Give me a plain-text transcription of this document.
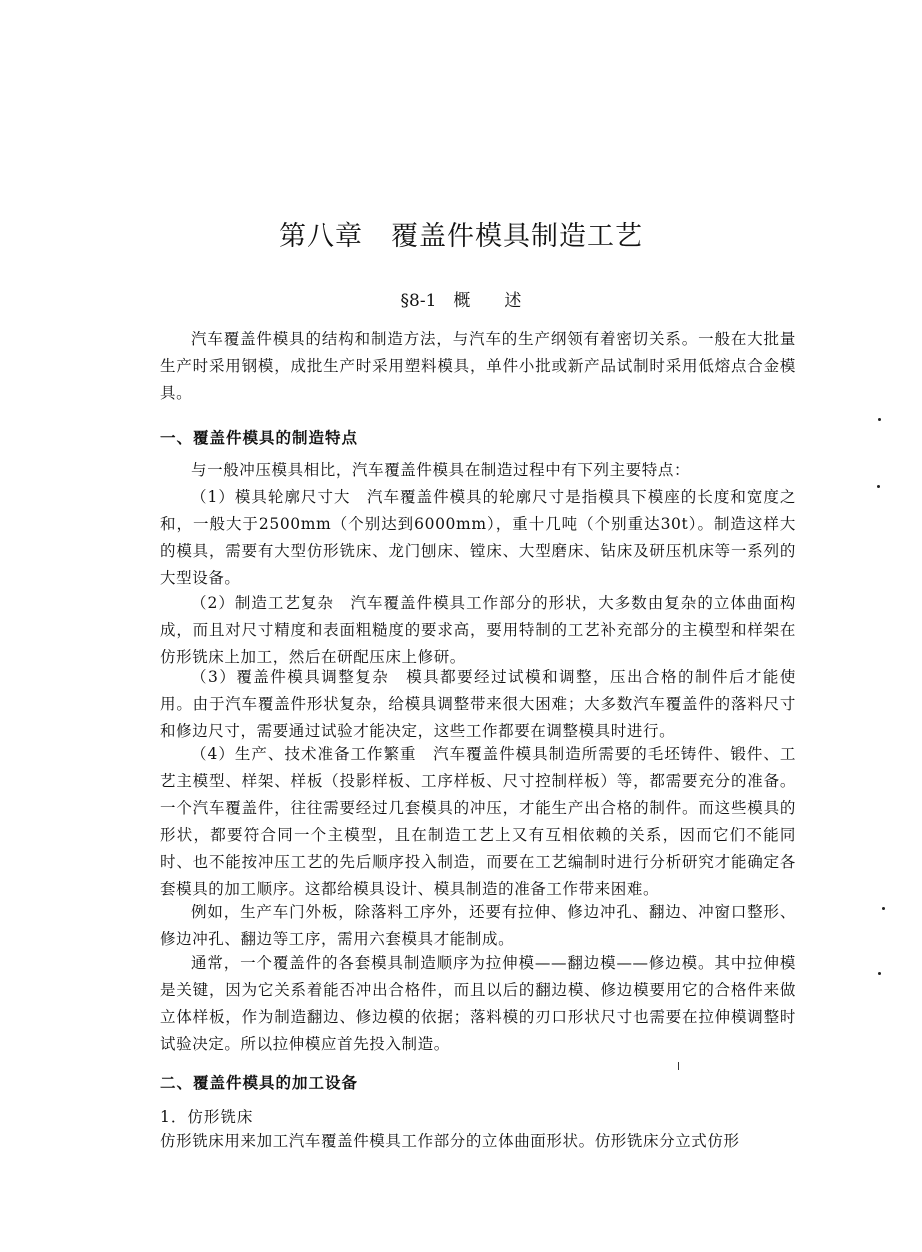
第八章　覆盖件模具制造工艺
§8-1　概　　述
汽车覆盖件模具的结构和制造方法，与汽车的生产纲领有着密切关系。一般在大批量生产时采用钢模，成批生产时采用塑料模具，单件小批或新产品试制时采用低熔点合金模具。
一、覆盖件模具的制造特点
与一般冲压模具相比，汽车覆盖件模具在制造过程中有下列主要特点：
（1）模具轮廓尺寸大　汽车覆盖件模具的轮廓尺寸是指模具下模座的长度和宽度之和，一般大于2500mm（个别达到6000mm），重十几吨（个别重达30t）。制造这样大的模具，需要有大型仿形铣床、龙门刨床、镗床、大型磨床、钻床及研压机床等一系列的大型设备。
（2）制造工艺复杂　汽车覆盖件模具工作部分的形状，大多数由复杂的立体曲面构成，而且对尺寸精度和表面粗糙度的要求高，要用特制的工艺补充部分的主模型和样架在仿形铣床上加工，然后在研配压床上修研。
（3）覆盖件模具调整复杂　模具都要经过试模和调整，压出合格的制件后才能使用。由于汽车覆盖件形状复杂，给模具调整带来很大困难；大多数汽车覆盖件的落料尺寸和修边尺寸，需要通过试验才能决定，这些工作都要在调整模具时进行。
（4）生产、技术准备工作繁重　汽车覆盖件模具制造所需要的毛坯铸件、锻件、工艺主模型、样架、样板（投影样板、工序样板、尺寸控制样板）等，都需要充分的准备。一个汽车覆盖件，往往需要经过几套模具的冲压，才能生产出合格的制件。而这些模具的形状，都要符合同一个主模型，且在制造工艺上又有互相依赖的关系，因而它们不能同时、也不能按冲压工艺的先后顺序投入制造，而要在工艺编制时进行分析研究才能确定各套模具的加工顺序。这都给模具设计、模具制造的准备工作带来困难。
例如，生产车门外板，除落料工序外，还要有拉伸、修边冲孔、翻边、冲窗口整形、修边冲孔、翻边等工序，需用六套模具才能制成。
通常，一个覆盖件的各套模具制造顺序为拉伸模——翻边模——修边模。其中拉伸模是关键，因为它关系着能否冲出合格件，而且以后的翻边模、修边模要用它的合格件来做立体样板，作为制造翻边、修边模的依据；落料模的刃口形状尺寸也需要在拉伸模调整时试验决定。所以拉伸模应首先投入制造。
二、覆盖件模具的加工设备
1．仿形铣床
仿形铣床用来加工汽车覆盖件模具工作部分的立体曲面形状。仿形铣床分立式仿形
